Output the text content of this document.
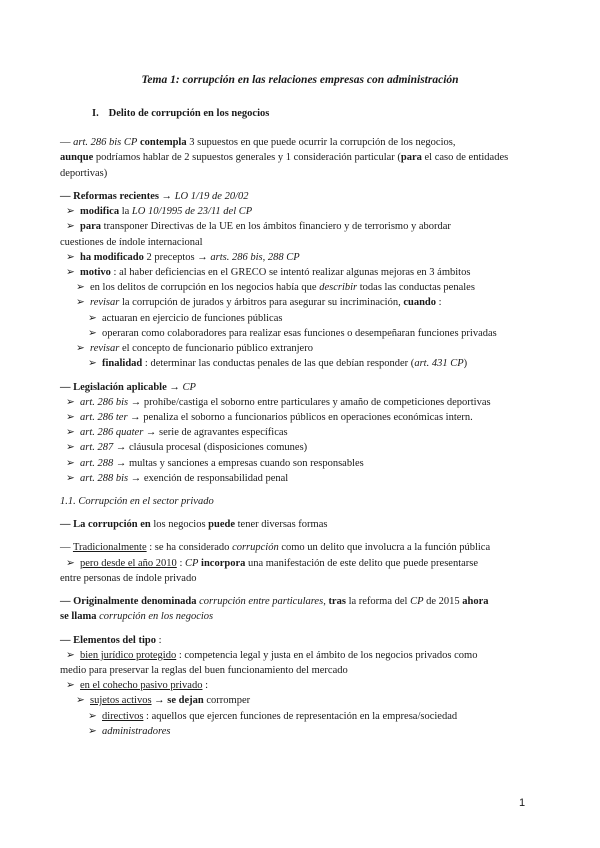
Tema 1: corrupción en las relaciones empresas con administración
I. Delito de corrupción en los negocios

— art. 286 bis CP contempla 3 supuestos en que puede ocurrir la corrupción de los negocios,
aunque podríamos hablar de 2 supuestos generales y 1 consideración particular (para el caso de entidades deportivas)

— Reformas recientes → LO 1/19 de 20/02

➢ modifica la LO 10/1995 de 23/11 del CP

➢ para transponer Directivas de la UE en los ámbitos financiero y de terrorismo y abordar

cuestiones de índole internacional

➢ ha modificado 2 preceptos → arts. 286 bis, 288 CP

➢ motivo : al haber deficiencias en el GRECO se intentó realizar algunas mejoras en 3 ámbitos

➢ en los delitos de corrupción en los negocios había que describir todas las conductas penales

➢ revisar la corrupción de jurados y árbitros para asegurar su incriminación, cuando :

➢ actuaran en ejercicio de funciones públicas

➢ operaran como colaboradores para realizar esas funciones o desempeñaran funciones privadas

➢ revisar el concepto de funcionario público extranjero

➢ finalidad : determinar las conductas penales de las que debían responder (art. 431 CP)

— Legislación aplicable → CP

➢ art. 286 bis → prohíbe/castiga el soborno entre particulares y amaño de competiciones deportivas

➢ art. 286 ter → penaliza el soborno a funcionarios públicos en operaciones económicas intern.

➢ art. 286 quater → serie de agravantes específicas

➢ art. 287 → cláusula procesal (disposiciones comunes)

➢ art. 288 → multas y sanciones a empresas cuando son responsables

➢ art. 288 bis → exención de responsabilidad penal

1.1. Corrupción en el sector privado

— La corrupción en los negocios puede tener diversas formas

— Tradicionalmente : se ha considerado corrupción como un delito que involucra a la función pública

➢ pero desde el año 2010 : CP incorpora una manifestación de este delito que puede presentarse

entre personas de índole privado

— Originalmente denominada corrupción entre particulares, tras la reforma del CP de 2015 ahora
se llama corrupción en los negocios

— Elementos del tipo :

➢ bien jurídico protegido : competencia legal y justa en el ámbito de los negocios privados como

medio para preservar la reglas del buen funcionamiento del mercado

➢ en el cohecho pasivo privado :

➢ sujetos activos → se dejan corromper

➢ directivos : aquellos que ejercen funciones de representación en la empresa/sociedad

➢ administradores

1
